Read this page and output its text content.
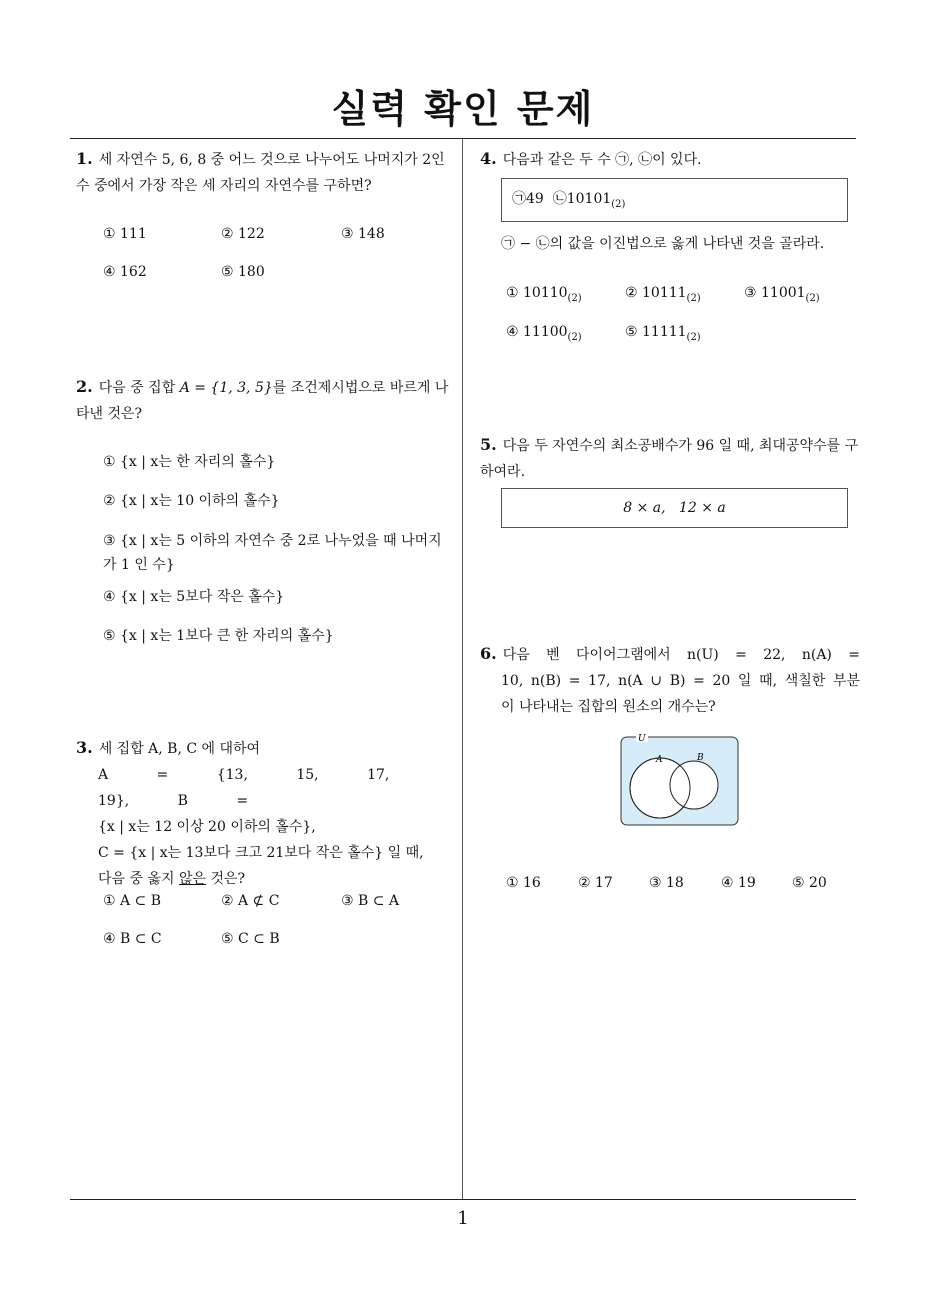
실력 확인 문제
1
1. 세 자연수 5, 6, 8 중 어느 것으로 나누어도 나머지가 2인 수 중에서 가장 작은 세 자리의 자연수를 구하면?
① 111	② 122	③ 148
④ 162	⑤ 180
2. 다음 중 집합 A = {1, 3, 5}를 조건제시법으로 바르게 나타낸 것은?
① {x | x는 한 자리의 홀수}
② {x | x는 10 이하의 홀수}
③ {x | x는 5 이하의 자연수 중 2로 나누었을 때 나머지가 1 인 수}
④ {x | x는 5보다 작은 홀수}
⑤ {x | x는 1보다 큰 한 자리의 홀수}
3. 세 집합 A, B, C 에 대하여
A = {13, 15, 17, 19}, B =
{x | x는 12 이상 20 이하의 홀수},
C = {x | x는 13보다 크고 21보다 작은 홀수} 일 때,
다음 중 옳지 않은 것은?
① A ⊂ B	② A ⊄ C	③ B ⊂ A
④ B ⊂ C	⑤ C ⊂ B
4. 다음과 같은 두 수 ㉠, ㉡이 있다.
㉠49 $㉡10101_{(2)}$
㉠ − ㉡의 값을 이진법으로 옳게 나타낸 것을 골라라.
① $10110_{(2)}$	② $10111_{(2)}$	③ $11001_{(2)}$
④ $11100_{(2)}$	⑤ $11111_{(2)}$
5. 다음 두 자연수의 최소공배수가 96 일 때, 최대공약수를 구하여라.
8 × a,   12 × a
6. 다음 벤 다이어그램에서 n(U) = 22, n(A) =
10, n(B) = 17, n(A ∪ B) = 20 일 때, 색칠한 부분
이 나타내는 집합의 원소의 개수는?
U
A	B
① 16	② 17	③ 18	④ 19	⑤ 20
